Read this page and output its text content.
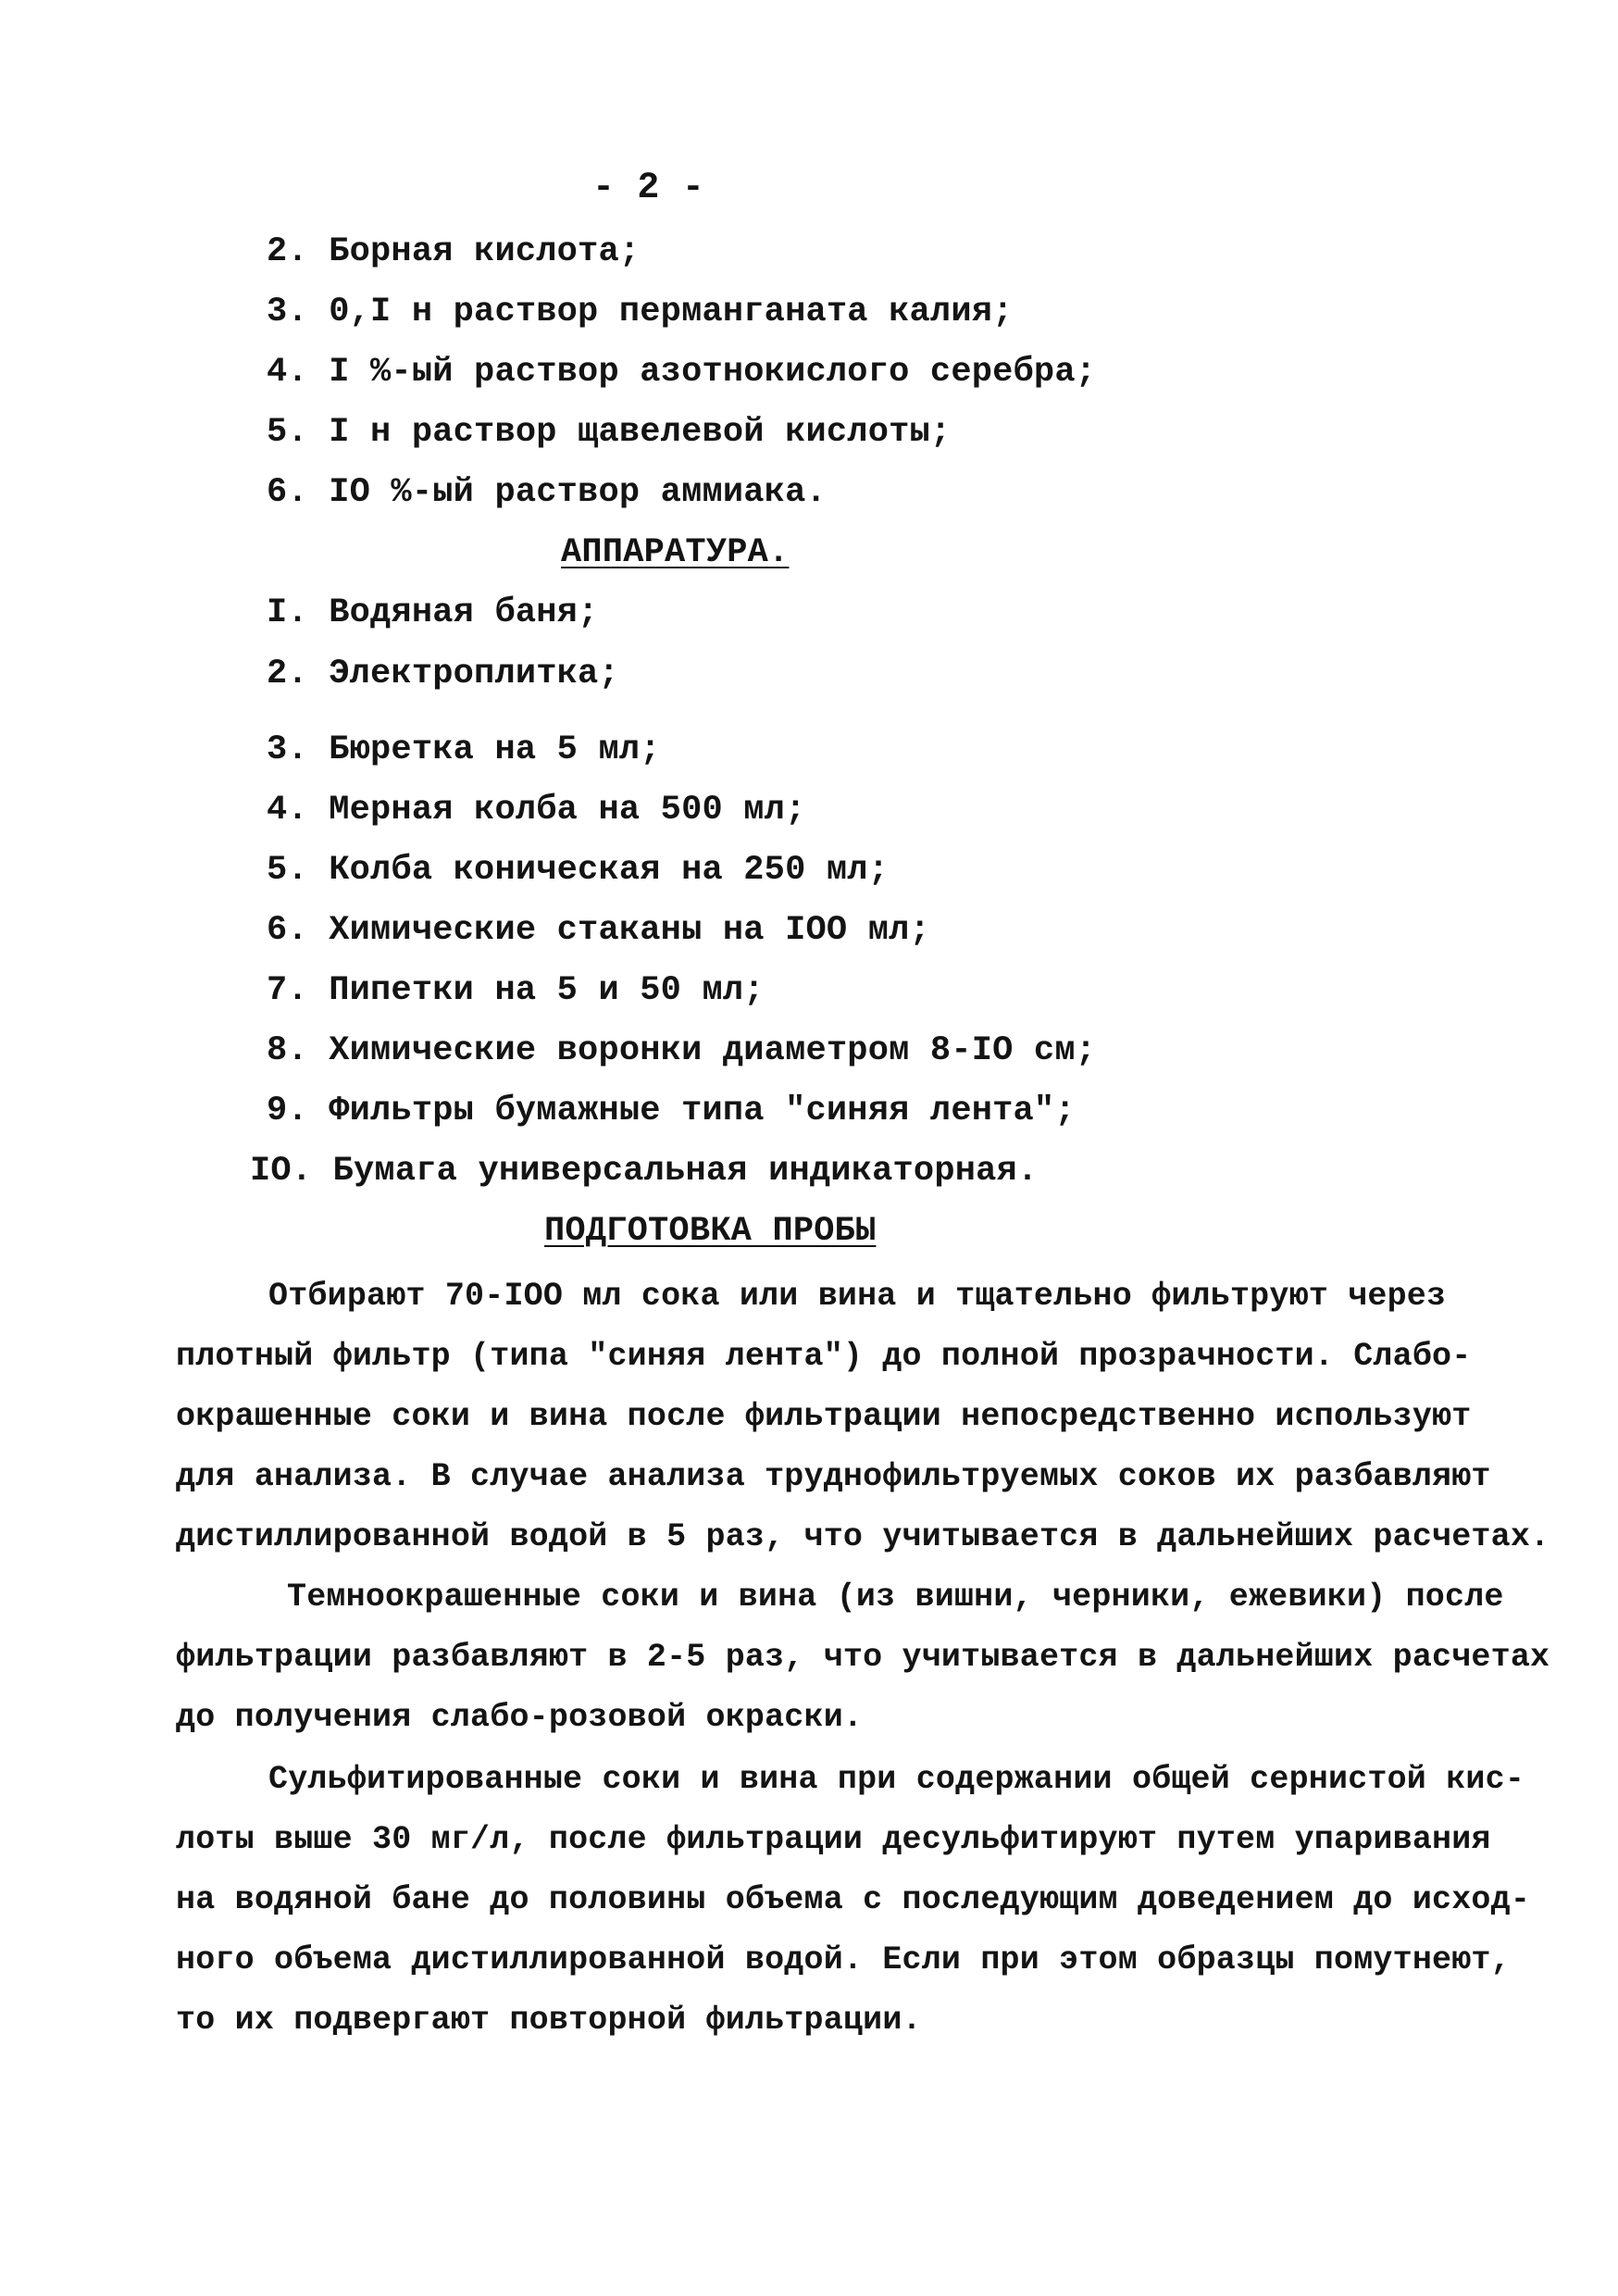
- 2 -
2. Борная кислота;
3. 0,I н раствор перманганата калия;
4. I %-ый раствор азотнокислого серебра;
5. I н раствор щавелевой кислоты;
6. IO %-ый раствор аммиака.
АППАРАТУРА.
I. Водяная баня;
2. Электроплитка;
3. Бюретка на 5 мл;
4. Мерная колба на 500 мл;
5. Колба коническая на 250 мл;
6. Химические стаканы на IOO мл;
7. Пипетки на 5 и 50 мл;
8. Химические воронки диаметром 8-IO см;
9. Фильтры бумажные типа "синяя лента";
IO. Бумага универсальная индикаторная.
ПОДГОТОВКА ПРОБЫ
Отбирают 70-IOO мл сока или вина и тщательно фильтруют через
плотный фильтр (типа "синяя лента") до полной прозрачности. Слабо-
окрашенные соки и вина после фильтрации непосредственно используют
для анализа. В случае анализа труднофильтруемых соков их разбавляют
дистиллированной водой в 5 раз, что учитывается в дальнейших расчетах.
Темноокрашенные соки и вина (из вишни, черники, ежевики) после
фильтрации разбавляют в 2-5 раз, что учитывается в дальнейших расчетах
до получения слабо-розовой окраски.
Сульфитированные соки и вина при содержании общей сернистой кис-
лоты выше 30 мг/л, после фильтрации десульфитируют путем упаривания
на водяной бане до половины объема с последующим доведением до исход-
ного объема дистиллированной водой. Если при этом образцы помутнеют,
то их подвергают повторной фильтрации.
